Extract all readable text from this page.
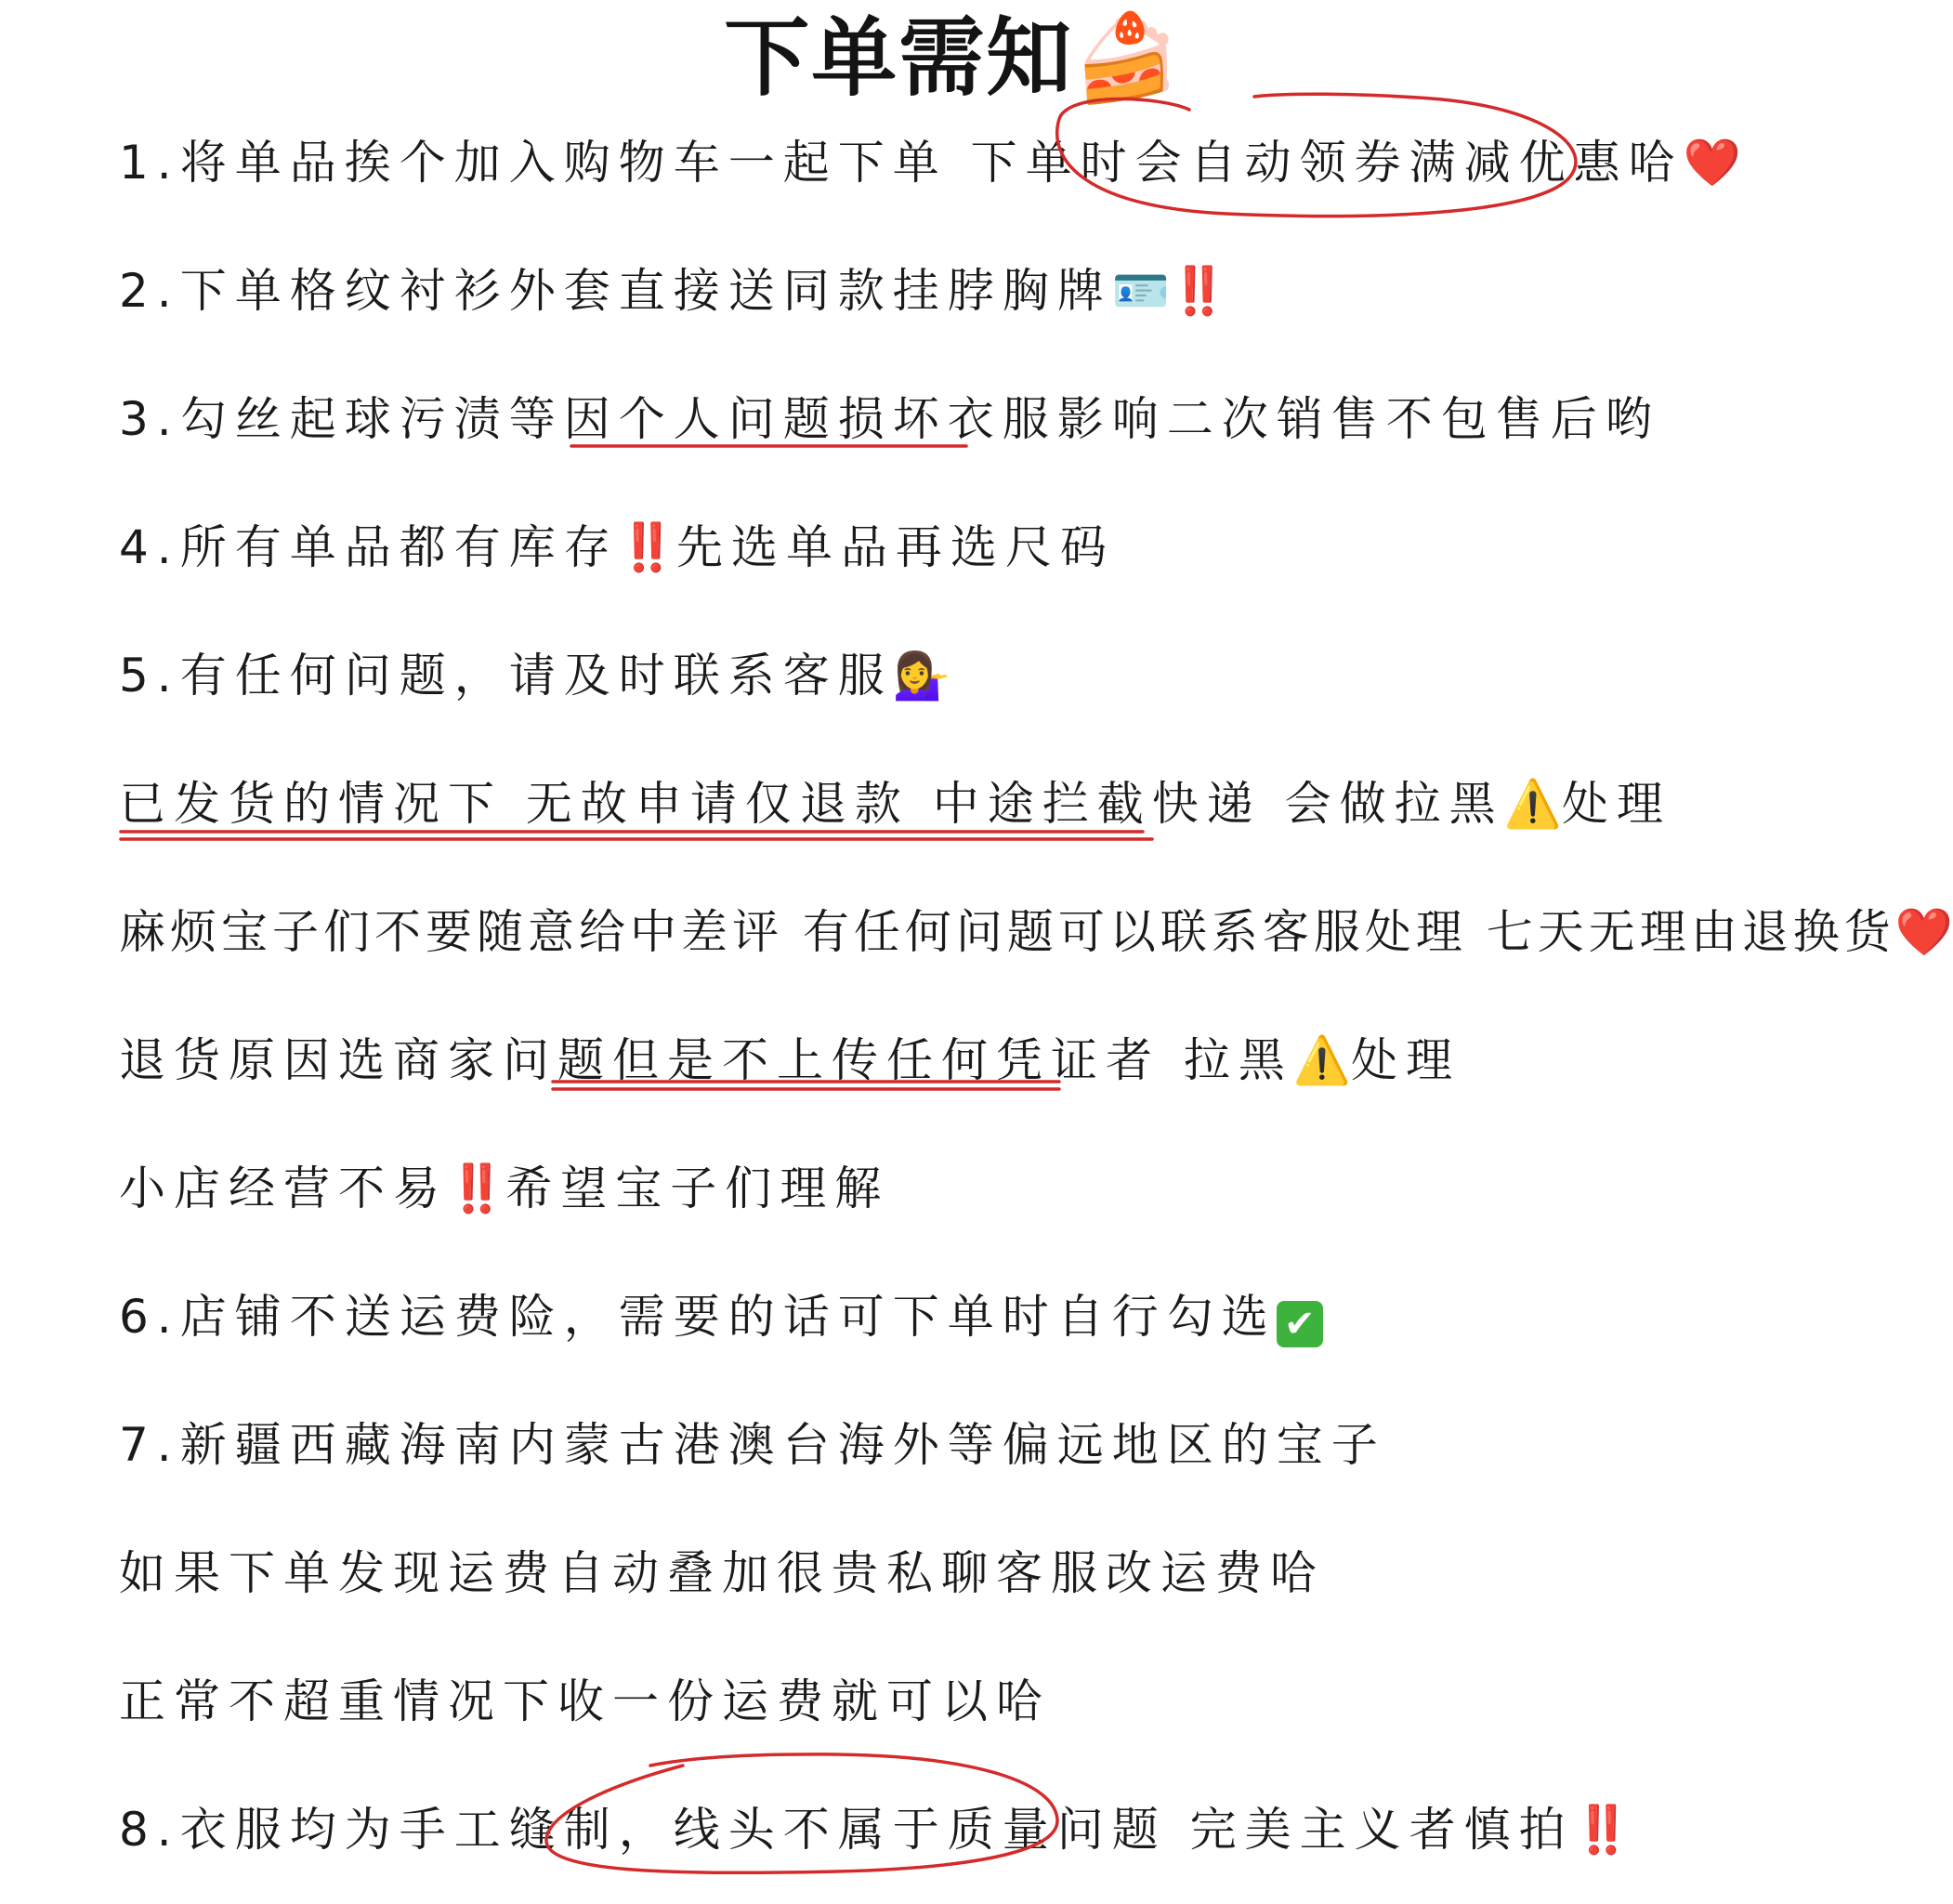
下单需知🍰
1.将单品挨个加入购物车一起下单 下单时会自动领券满减优惠哈❤️
2.下单格纹衬衫外套直接送同款挂脖胸牌🪪‼️
3.勾丝起球污渍等因个人问题损坏衣服影响二次销售不包售后哟
4.所有单品都有库存‼️先选单品再选尺码
5.有任何问题，请及时联系客服💁‍♀️
已发货的情况下 无故申请仅退款 中途拦截快递 会做拉黑⚠️处理
麻烦宝子们不要随意给中差评 有任何问题可以联系客服处理 七天无理由退换货❤️
退货原因选商家问题但是不上传任何凭证者 拉黑⚠️处理
小店经营不易‼️希望宝子们理解
6.店铺不送运费险，需要的话可下单时自行勾选 ✔
7.新疆西藏海南内蒙古港澳台海外等偏远地区的宝子
如果下单发现运费自动叠加很贵私聊客服改运费哈
正常不超重情况下收一份运费就可以哈
8.衣服均为手工缝制，线头不属于质量问题 完美主义者慎拍‼️
